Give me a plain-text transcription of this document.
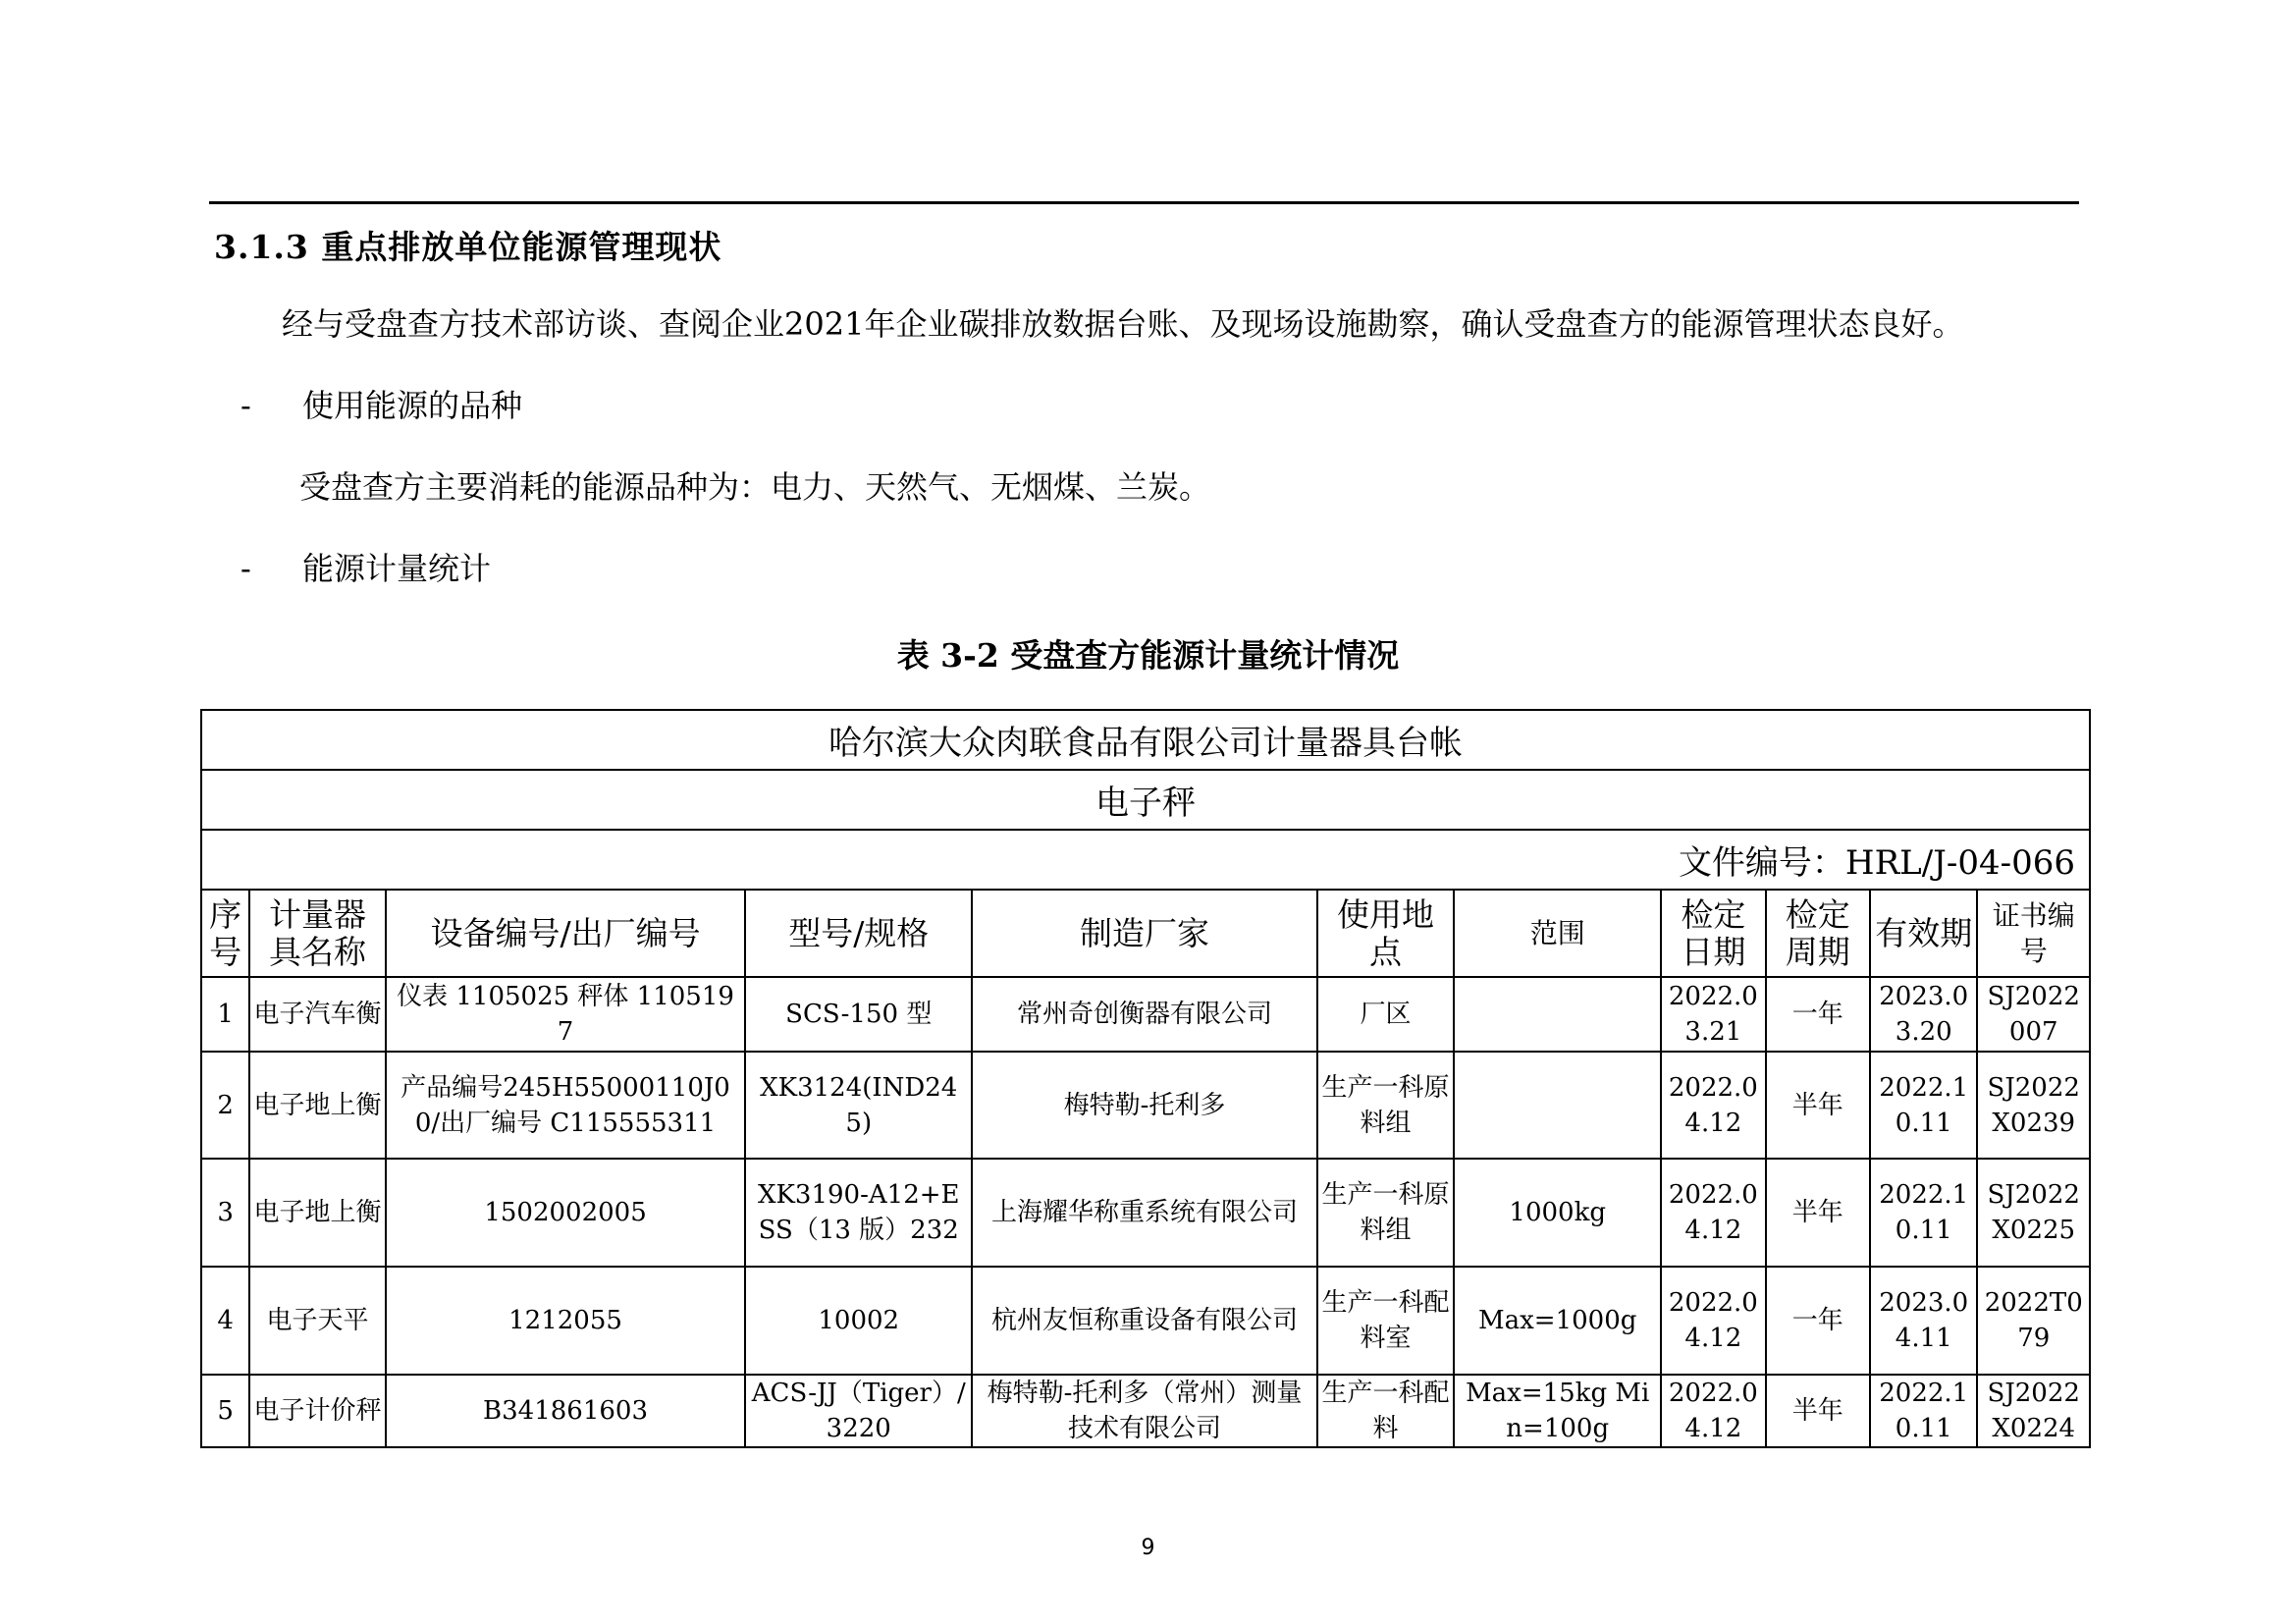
3.1.3 重点排放单位能源管理现状
经与受盘查方技术部访谈、查阅企业2021年企业碳排放数据台账、及现场设施勘察，确认受盘查方的能源管理状态良好。
- 使用能源的品种
受盘查方主要消耗的能源品种为：电力、天然气、无烟煤、兰炭。
- 能源计量统计
表 3-2 受盘查方能源计量统计情况
哈尔滨大众肉联食品有限公司计量器具台帐										
电子秤										
文件编号：HRL/J-04-066										
序号	计量器具名称	设备编号/出厂编号	型号/规格	制造厂家	使用地点	范围	检定日期	检定周期	有效期	证书编号
1	电子汽车衡	仪表 1105025 秤体 1105197	SCS-150 型	常州奇创衡器有限公司	厂区		2022.03.21	一年	2023.03.20	SJ2022007
2	电子地上衡	产品编号245H55000110J00/出厂编号 C115555311	XK3124(IND245)	梅特勒-托利多	生产一科原料组		2022.04.12	半年	2022.10.11	SJ2022X0239
3	电子地上衡	1502002005	XK3190-A12+ESS（13 版）232	上海耀华称重系统有限公司	生产一科原料组	1000kg	2022.04.12	半年	2022.10.11	SJ2022X0225
4	电子天平	1212055	10002	杭州友恒称重设备有限公司	生产一科配料室	Max=1000g	2022.04.12	一年	2023.04.11	2022T079
5	电子计价秤	B341861603	ACS-JJ（Tiger）/3220	梅特勒-托利多（常州）测量技术有限公司	生产一科配料	Max=15kg Min=100g	2022.04.12	半年	2022.10.11	SJ2022X0224
9
